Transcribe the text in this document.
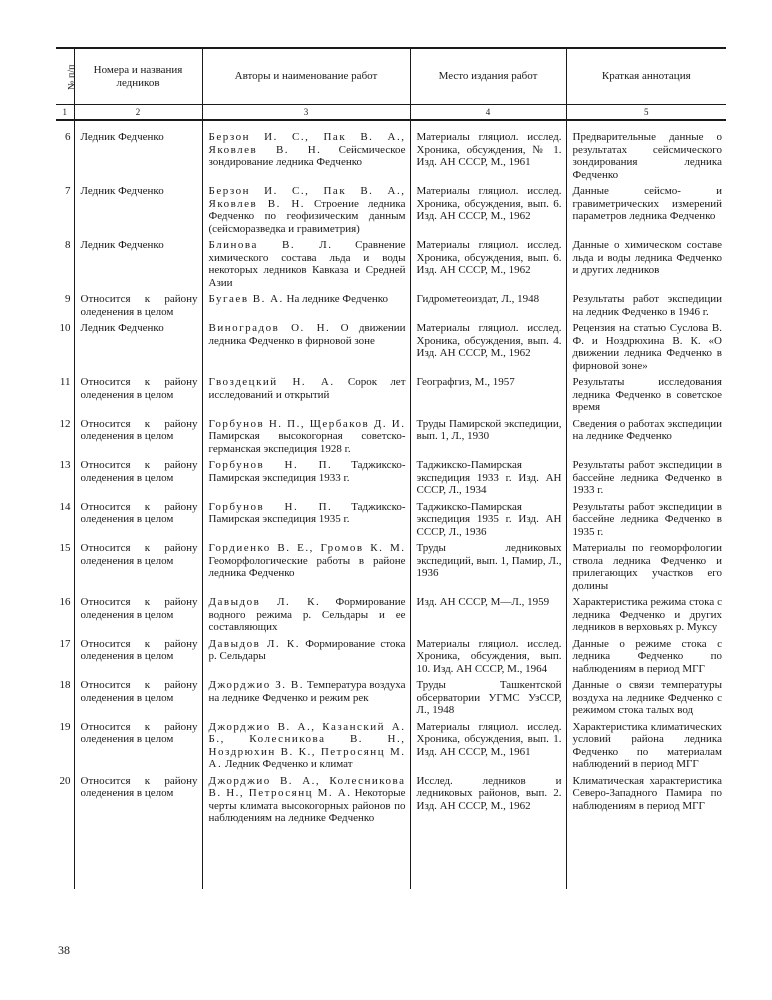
№ п/п	Номера и названия ледников	Авторы и наименование работ	Место издания работ	Краткая аннотация
1	2	3	4	5

6	Ледник Федченко	Берзон И. С., Пак В. А., Яковлев В. Н. Сейсмическое зондирование ледника Федченко	Материалы гляциол. исслед. Хроника, обсуждения, № 1. Изд. АН СССР, М., 1961	Предварительные данные о результатах сейсмического зондирования ледника Федченко
7	Ледник Федченко	Берзон И. С., Пак В. А., Яковлев В. Н. Строение ледника Федченко по геофизическим данным (сейсморазведка и гравиметрия)	Материалы гляциол. исслед. Хроника, обсуждения, вып. 6. Изд. АН СССР, М., 1962	Данные сейсмо- и гравиметрических измерений параметров ледника Федченко
8	Ледник Федченко	Блинова В. Л. Сравнение химического состава льда и воды некоторых ледников Кавказа и Средней Азии	Материалы гляциол. исслед. Хроника, обсуждения, вып. 6. Изд. АН СССР, М., 1962	Данные о химическом составе льда и воды ледника Федченко и других ледников
9	Относится к району оледенения в целом	Бугаев В. А. На леднике Федченко	Гидрометеоиздат, Л., 1948	Результаты работ экспедиции на ледник Федченко в 1946 г.
10	Ледник Федченко	Виноградов О. Н. О движении ледника Федченко в фирновой зоне	Материалы гляциол. исслед. Хроника, обсуждения, вып. 4. Изд. АН СССР, М., 1962	Рецензия на статью Суслова В. Ф. и Ноздрюхина В. К. «О движении ледника Федченко в фирновой зоне»
11	Относится к району оледенения в целом	Гвоздецкий Н. А. Сорок лет исследований и открытий	Географгиз, М., 1957	Результаты исследования ледника Федченко в советское время
12	Относится к району оледенения в целом	Горбунов Н. П., Щербаков Д. И. Памирская высокогорная советско-германская экспедиция 1928 г.	Труды Памирской экспедиции, вып. 1, Л., 1930	Сведения о работах экспедиции на леднике Федченко
13	Относится к району оледенения в целом	Горбунов Н. П. Таджикско-Памирская экспедиция 1933 г.	Таджикско-Памирская экспедиция 1933 г. Изд. АН СССР, Л., 1934	Результаты работ экспедиции в бассейне ледника Федченко в 1933 г.
14	Относится к району оледенения в целом	Горбунов Н. П. Таджикско-Памирская экспедиция 1935 г.	Таджикско-Памирская экспедиция 1935 г. Изд. АН СССР, Л., 1936	Результаты работ экспедиции в бассейне ледника Федченко в 1935 г.
15	Относится к району оледенения в целом	Гордиенко В. Е., Громов К. М. Геоморфологические работы в районе ледника Федченко	Труды ледниковых экспедиций, вып. 1, Памир, Л., 1936	Материалы по геоморфологии ствола ледника Федченко и прилегающих участков его долины
16	Относится к району оледенения в целом	Давыдов Л. К. Формирование водного режима р. Сельдары и ее составляющих	Изд. АН СССР, М—Л., 1959	Характеристика режима стока с ледника Федченко и других ледников в верховьях р. Муксу
17	Относится к району оледенения в целом	Давыдов Л. К. Формирование стока р. Сельдары	Материалы гляциол. исслед. Хроника, обсуждения, вып. 10. Изд. АН СССР, М., 1964	Данные о режиме стока с ледника Федченко по наблюдениям в период МГГ
18	Относится к району оледенения в целом	Джорджио З. В. Температура воздуха на леднике Федченко и режим рек	Труды Ташкентской обсерватории УГМС УзССР, Л., 1948	Данные о связи температуры воздуха на леднике Федченко с режимом стока талых вод
19	Относится к району оледенения в целом	Джорджио В. А., Казанский А. Б., Колесникова В. Н., Ноздрюхин В. К., Петросянц М. А. Ледник Федченко и климат	Материалы гляциол. исслед. Хроника, обсуждения, вып. 1. Изд. АН СССР, М., 1961	Характеристика климатических условий района ледника Федченко по материалам наблюдений в период МГГ
20	Относится к району оледенения в целом	Джорджио В. А., Колесникова В. Н., Петросянц М. А. Некоторые черты климата высокогорных районов по наблюдениям на леднике Федченко	Исслед. ледников и ледниковых районов, вып. 2. Изд. АН СССР, М., 1962	Климатическая характеристика Северо-Западного Памира по наблюдениям в период МГГ
38
